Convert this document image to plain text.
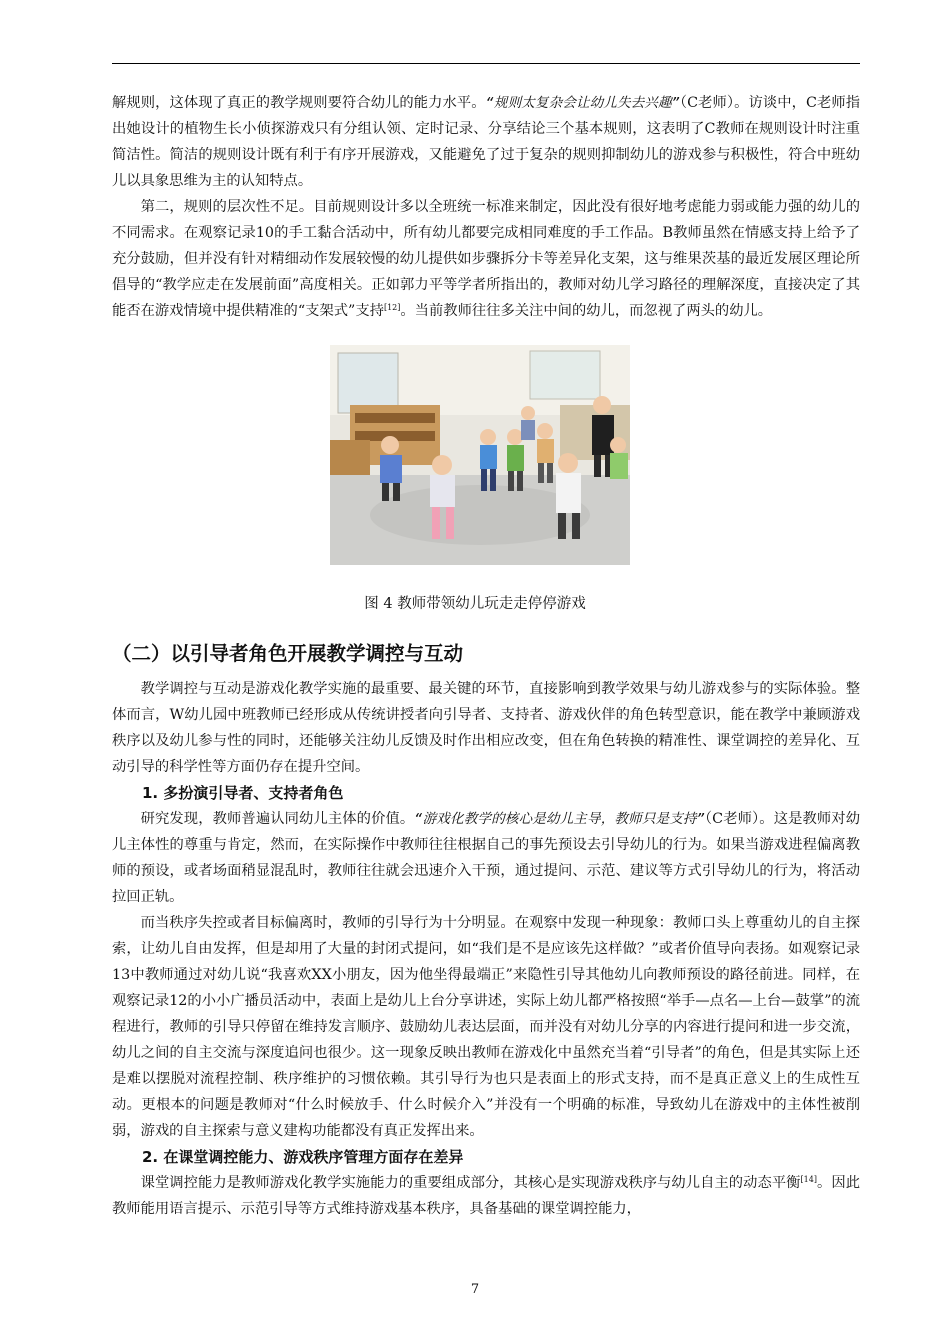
解规则，这体现了真正的教学规则要符合幼儿的能力水平。“规则太复杂会让幼儿失去兴趣”（C老师）。访谈中，C老师指出她设计的植物生长小侦探游戏只有分组认领、定时记录、分享结论三个基本规则，这表明了C教师在规则设计时注重简洁性。简洁的规则设计既有利于有序开展游戏，又能避免了过于复杂的规则抑制幼儿的游戏参与积极性，符合中班幼儿以具象思维为主的认知特点。

第二，规则的层次性不足。目前规则设计多以全班统一标准来制定，因此没有很好地考虑能力弱或能力强的幼儿的不同需求。在观察记录10的手工黏合活动中，所有幼儿都要完成相同难度的手工作品。B教师虽然在情感支持上给予了充分鼓励，但并没有针对精细动作发展较慢的幼儿提供如步骤拆分卡等差异化支架，这与维果茨基的最近发展区理论所倡导的“教学应走在发展前面”高度相关。正如郭力平等学者所指出的，教师对幼儿学习路径的理解深度，直接决定了其能否在游戏情境中提供精准的“支架式”支持[12]。当前教师往往多关注中间的幼儿，而忽视了两头的幼儿。

图 4 教师带领幼儿玩走走停停游戏

（二）以引导者角色开展教学调控与互动

教学调控与互动是游戏化教学实施的最重要、最关键的环节，直接影响到教学效果与幼儿游戏参与的实际体验。整体而言，W幼儿园中班教师已经形成从传统讲授者向引导者、支持者、游戏伙伴的角色转型意识，能在教学中兼顾游戏秩序以及幼儿参与性的同时，还能够关注幼儿反馈及时作出相应改变，但在角色转换的精准性、课堂调控的差异化、互动引导的科学性等方面仍存在提升空间。

1. 多扮演引导者、支持者角色

研究发现，教师普遍认同幼儿主体的价值。“游戏化教学的核心是幼儿主导，教师只是支持”（C老师）。这是教师对幼儿主体性的尊重与肯定，然而，在实际操作中教师往往根据自己的事先预设去引导幼儿的行为。如果当游戏进程偏离教师的预设，或者场面稍显混乱时，教师往往就会迅速介入干预，通过提问、示范、建议等方式引导幼儿的行为，将活动拉回正轨。

而当秩序失控或者目标偏离时，教师的引导行为十分明显。在观察中发现一种现象：教师口头上尊重幼儿的自主探索，让幼儿自由发挥，但是却用了大量的封闭式提问，如“我们是不是应该先这样做？”或者价值导向表扬。如观察记录13中教师通过对幼儿说“我喜欢XX小朋友，因为他坐得最端正”来隐性引导其他幼儿向教师预设的路径前进。同样，在观察记录12的小小广播员活动中，表面上是幼儿上台分享讲述，实际上幼儿都严格按照“举手—点名—上台—鼓掌”的流程进行，教师的引导只停留在维持发言顺序、鼓励幼儿表达层面，而并没有对幼儿分享的内容进行提问和进一步交流，幼儿之间的自主交流与深度追问也很少。这一现象反映出教师在游戏化中虽然充当着“引导者”的角色，但是其实际上还是难以摆脱对流程控制、秩序维护的习惯依赖。其引导行为也只是表面上的形式支持，而不是真正意义上的生成性互动。更根本的问题是教师对“什么时候放手、什么时候介入”并没有一个明确的标准，导致幼儿在游戏中的主体性被削弱，游戏的自主探索与意义建构功能都没有真正发挥出来。

2. 在课堂调控能力、游戏秩序管理方面存在差异

课堂调控能力是教师游戏化教学实施能力的重要组成部分，其核心是实现游戏秩序与幼儿自主的动态平衡[14]。因此教师能用语言提示、示范引导等方式维持游戏基本秩序，具备基础的课堂调控能力，

7
